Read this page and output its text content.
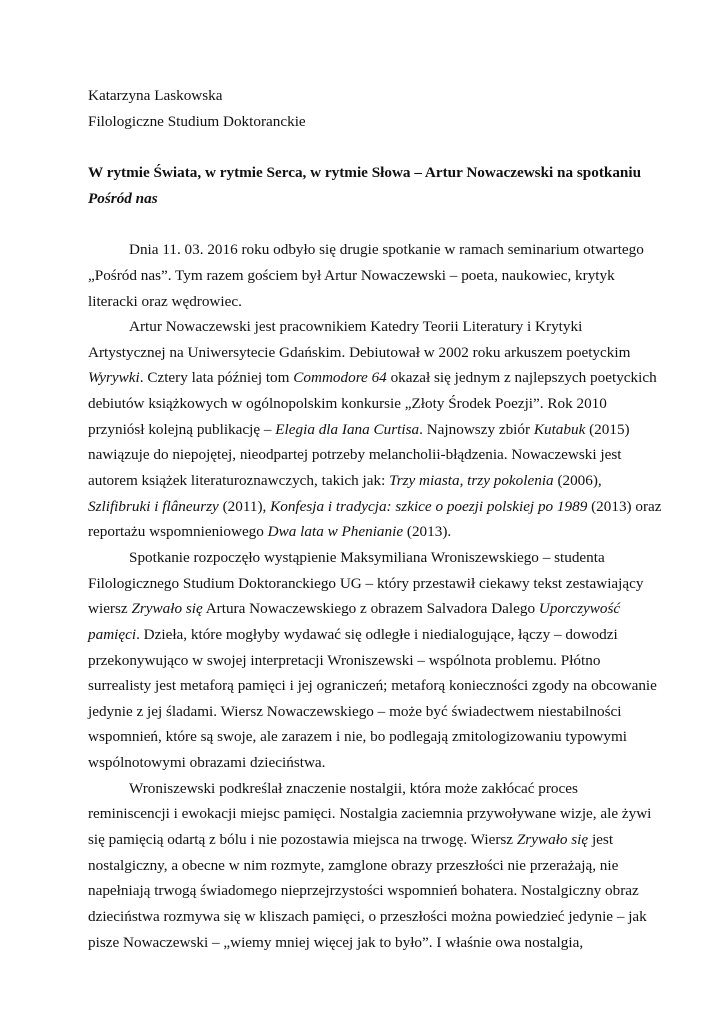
Katarzyna Laskowska
Filologiczne Studium Doktoranckie
W rytmie Świata, w rytmie Serca, w rytmie Słowa – Artur Nowaczewski na spotkaniu
Pośród nas
Dnia 11. 03. 2016 roku odbyło się drugie spotkanie w ramach seminarium otwartego
„Pośród nas”. Tym razem gościem był Artur Nowaczewski – poeta, naukowiec, krytyk
literacki oraz wędrowiec.
Artur Nowaczewski jest pracownikiem Katedry Teorii Literatury i Krytyki
Artystycznej na Uniwersytecie Gdańskim. Debiutował w 2002 roku arkuszem poetyckim
Wyrywki. Cztery lata później tom Commodore 64 okazał się jednym z najlepszych poetyckich
debiutów książkowych w ogólnopolskim konkursie „Złoty Środek Poezji”. Rok 2010
przyniósł kolejną publikację – Elegia dla Iana Curtisa. Najnowszy zbiór Kutabuk (2015)
nawiązuje do niepojętej, nieodpartej potrzeby melancholii-błądzenia. Nowaczewski jest
autorem książek literaturoznawczych, takich jak: Trzy miasta, trzy pokolenia (2006),
Szlifibruki i flâneurzy (2011), Konfesja i tradycja: szkice o poezji polskiej po 1989 (2013) oraz
reportażu wspomnieniowego Dwa lata w Phenianie (2013).
Spotkanie rozpoczęło wystąpienie Maksymiliana Wroniszewskiego – studenta
Filologicznego Studium Doktoranckiego UG – który przestawił ciekawy tekst zestawiający
wiersz Zrywało się Artura Nowaczewskiego z obrazem Salvadora Dalego Uporczywość
pamięci. Dzieła, które mogłyby wydawać się odległe i niedialogujące, łączy – dowodzi
przekonywująco w swojej interpretacji Wroniszewski – wspólnota problemu. Płótno
surrealisty jest metaforą pamięci i jej ograniczeń; metaforą konieczności zgody na obcowanie
jedynie z jej śladami. Wiersz Nowaczewskiego – może być świadectwem niestabilności
wspomnień, które są swoje, ale zarazem i nie, bo podlegają zmitologizowaniu typowymi
wspólnotowymi obrazami dzieciństwa.
Wroniszewski podkreślał znaczenie nostalgii, która może zakłócać proces
reminiscencji i ewokacji miejsc pamięci. Nostalgia zaciemnia przywoływane wizje, ale żywi
się pamięcią odartą z bólu i nie pozostawia miejsca na trwogę. Wiersz Zrywało się jest
nostalgiczny, a obecne w nim rozmyte, zamglone obrazy przeszłości nie przerażają, nie
napełniają trwogą świadomego nieprzejrzystości wspomnień bohatera. Nostalgiczny obraz
dzieciństwa rozmywa się w kliszach pamięci, o przeszłości można powiedzieć jedynie – jak
pisze Nowaczewski – „wiemy mniej więcej jak to było”. I właśnie owa nostalgia,
